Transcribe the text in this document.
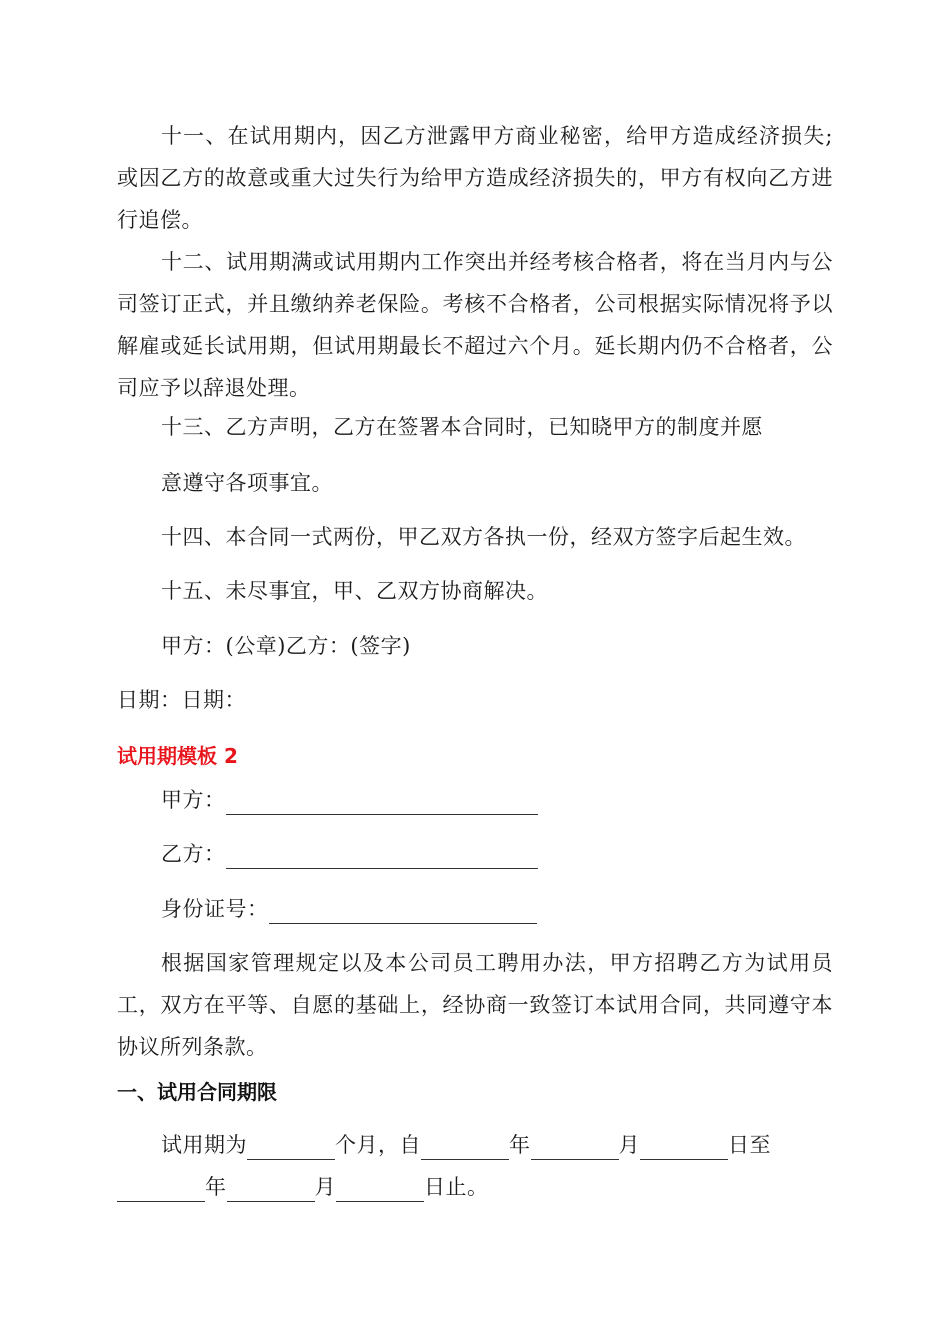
十一、在试用期内，因乙方泄露甲方商业秘密，给甲方造成经济损失;或因乙方的故意或重大过失行为给甲方造成经济损失的，甲方有权向乙方进行追偿。

十二、试用期满或试用期内工作突出并经考核合格者，将在当月内与公司签订正式，并且缴纳养老保险。考核不合格者，公司根据实际情况将予以解雇或延长试用期，但试用期最长不超过六个月。延长期内仍不合格者，公司应予以辞退处理。

十三、乙方声明，乙方在签署本合同时，已知晓甲方的制度并愿

意遵守各项事宜。

十四、本合同一式两份，甲乙双方各执一份，经双方签字后起生效。

十五、未尽事宜，甲、乙双方协商解决。

甲方：(公章)乙方：(签字)

日期：日期：

试用期模板 2

甲方：

乙方：

身份证号：

根据国家管理规定以及本公司员工聘用办法，甲方招聘乙方为试用员工，双方在平等、自愿的基础上，经协商一致签订本试用合同，共同遵守本协议所列条款。

一、试用合同期限

试用期为	个月，自	年	月	日至

年	月	日止。
